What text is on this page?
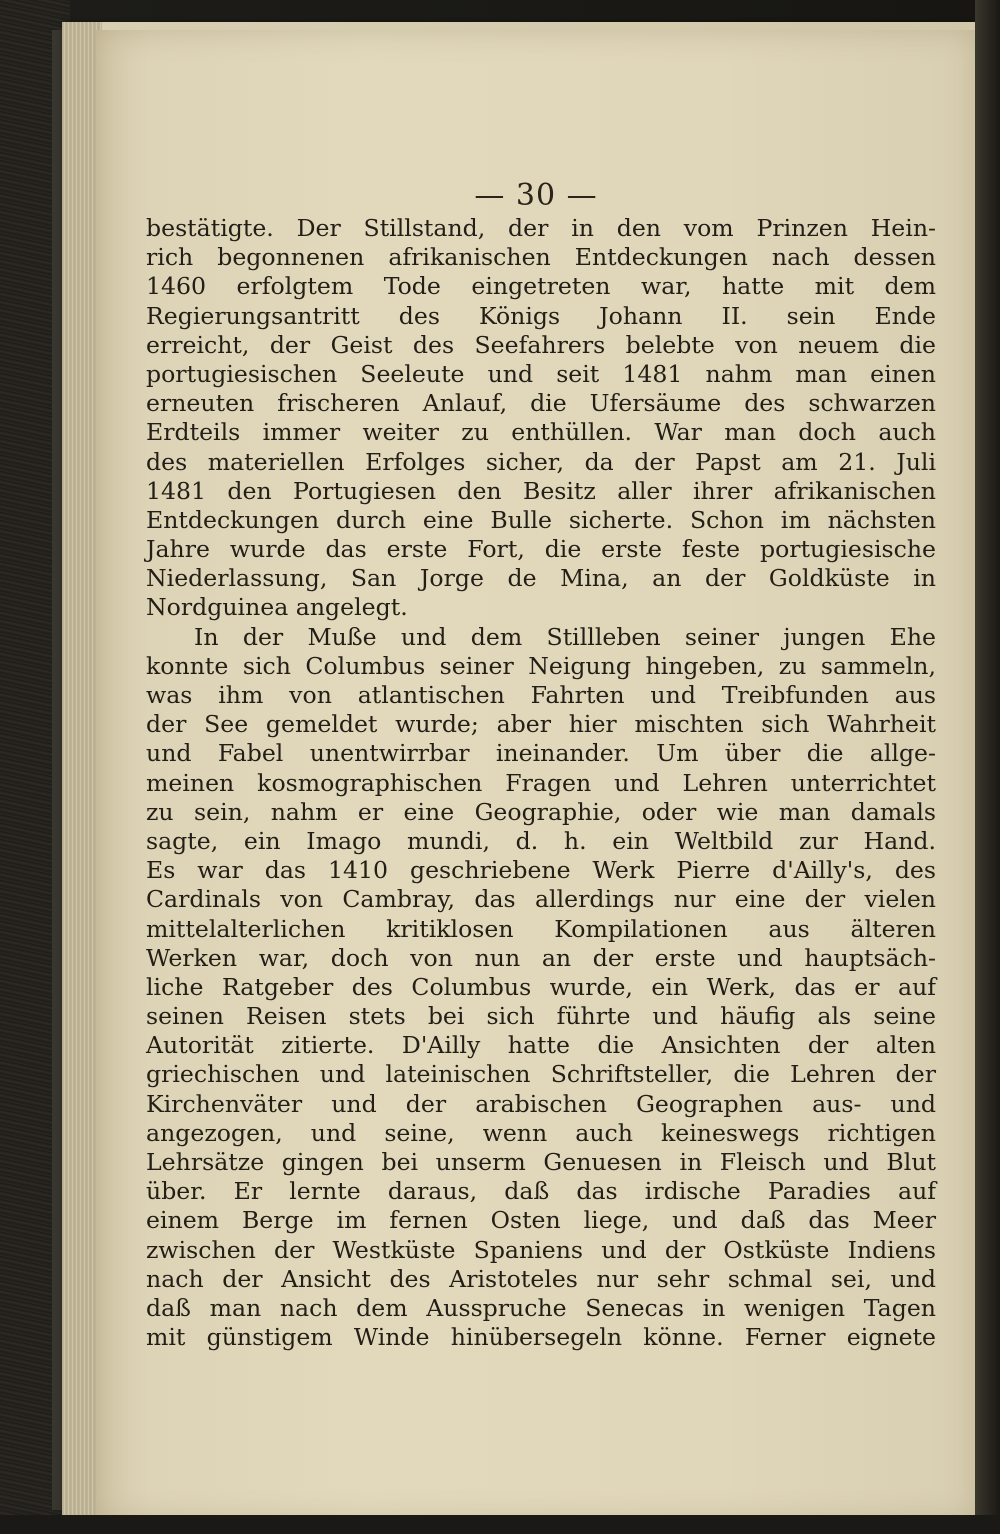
— 30 —
bestätigte. Der Stillstand, der in den vom Prinzen Hein-
rich begonnenen afrikanischen Entdeckungen nach dessen
1460 erfolgtem Tode eingetreten war, hatte mit dem
Regierungsantritt des Königs Johann II. sein Ende
erreicht, der Geist des Seefahrers belebte von neuem die
portugiesischen Seeleute und seit 1481 nahm man einen
erneuten frischeren Anlauf, die Ufersäume des schwarzen
Erdteils immer weiter zu enthüllen. War man doch auch
des materiellen Erfolges sicher, da der Papst am 21. Juli
1481 den Portugiesen den Besitz aller ihrer afrikanischen
Entdeckungen durch eine Bulle sicherte. Schon im nächsten
Jahre wurde das erste Fort, die erste feste portugiesische
Niederlassung, San Jorge de Mina, an der Goldküste in
Nordguinea angelegt.
In der Muße und dem Stillleben seiner jungen Ehe
konnte sich Columbus seiner Neigung hingeben, zu sammeln,
was ihm von atlantischen Fahrten und Treibfunden aus
der See gemeldet wurde; aber hier mischten sich Wahrheit
und Fabel unentwirrbar ineinander. Um über die allge-
meinen kosmographischen Fragen und Lehren unterrichtet
zu sein, nahm er eine Geographie, oder wie man damals
sagte, ein Imago mundi, d. h. ein Weltbild zur Hand.
Es war das 1410 geschriebene Werk Pierre d'Ailly's, des
Cardinals von Cambray, das allerdings nur eine der vielen
mittelalterlichen kritiklosen Kompilationen aus älteren
Werken war, doch von nun an der erste und hauptsäch-
liche Ratgeber des Columbus wurde, ein Werk, das er auf
seinen Reisen stets bei sich führte und häufig als seine
Autorität zitierte. D'Ailly hatte die Ansichten der alten
griechischen und lateinischen Schriftsteller, die Lehren der
Kirchenväter und der arabischen Geographen aus- und
angezogen, und seine, wenn auch keineswegs richtigen
Lehrsätze gingen bei unserm Genuesen in Fleisch und Blut
über. Er lernte daraus, daß das irdische Paradies auf
einem Berge im fernen Osten liege, und daß das Meer
zwischen der Westküste Spaniens und der Ostküste Indiens
nach der Ansicht des Aristoteles nur sehr schmal sei, und
daß man nach dem Ausspruche Senecas in wenigen Tagen
mit günstigem Winde hinübersegeln könne. Ferner eignete
